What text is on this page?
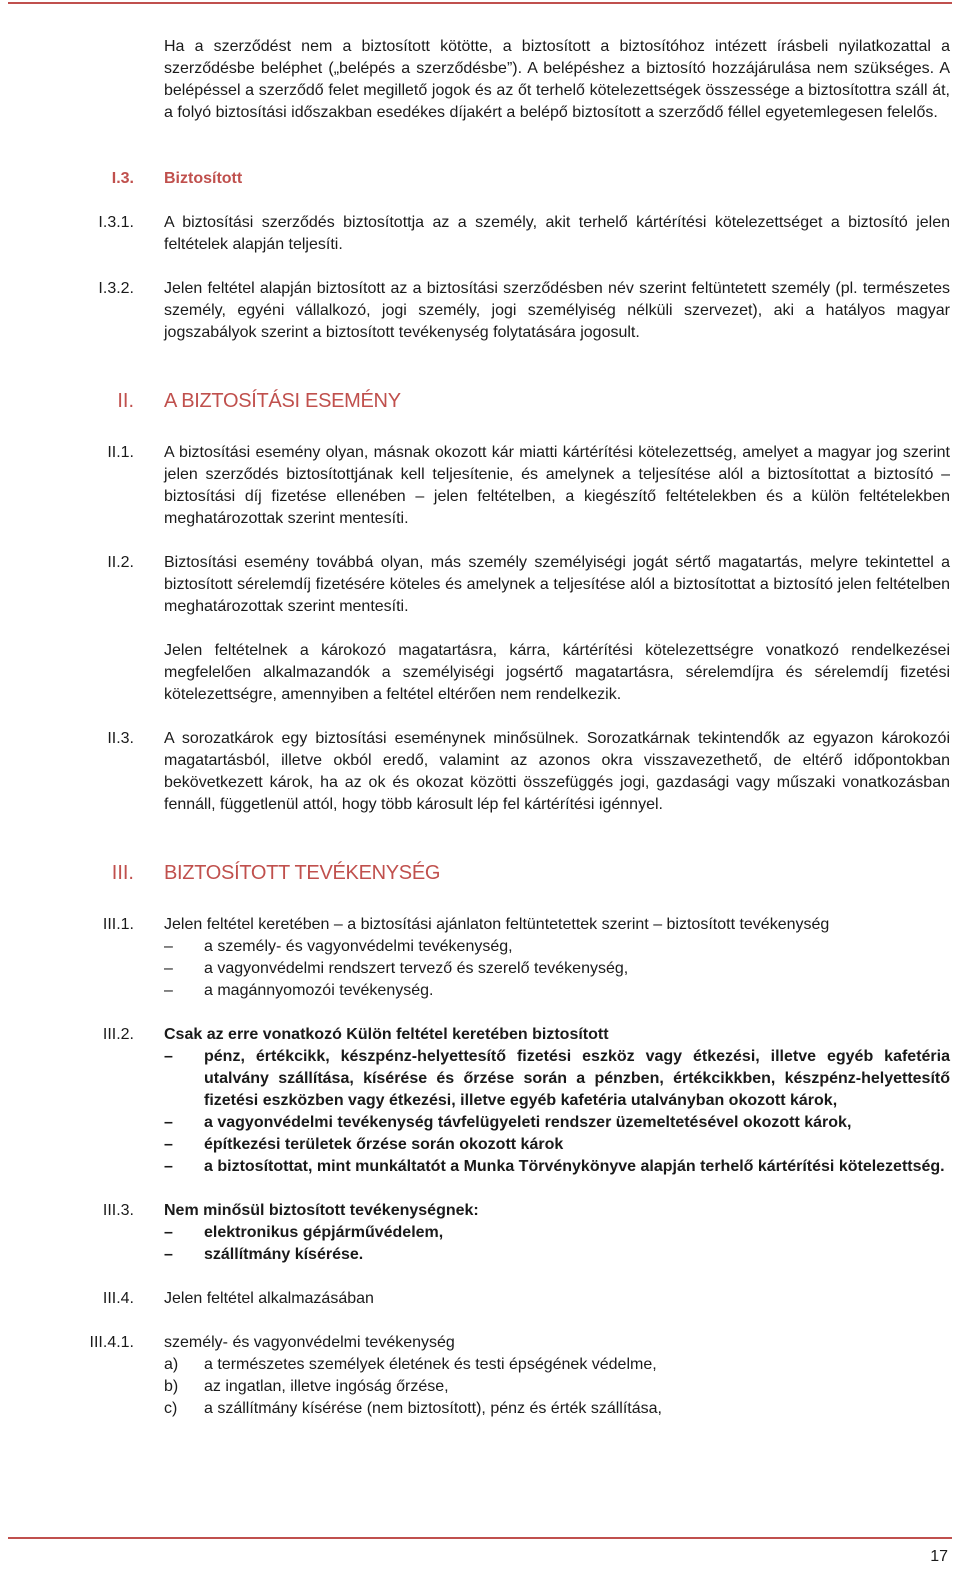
Ha a szerződést nem a biztosított kötötte, a biztosított a biztosítóhoz intézett írásbeli nyilatkozattal a szerződésbe beléphet („belépés a szerződésbe”). A belépéshez a biztosító hozzájárulása nem szükséges. A belépéssel a szerződő felet megillető jogok és az őt terhelő kötelezettségek összessége a biztosítottra száll át, a folyó biztosítási időszakban esedékes díjakért a belépő biztosított a szerződő féllel egyetemlegesen felelős.
I.3. Biztosított
I.3.1. A biztosítási szerződés biztosítottja az a személy, akit terhelő kártérítési kötelezettséget a biztosító jelen feltételek alapján teljesíti.
I.3.2. Jelen feltétel alapján biztosított az a biztosítási szerződésben név szerint feltüntetett személy (pl. természetes személy, egyéni vállalkozó, jogi személy, jogi személyiség nélküli szervezet), aki a hatályos magyar jogszabályok szerint a biztosított tevékenység folytatására jogosult.
II. A BIZTOSÍTÁSI ESEMÉNY
II.1. A biztosítási esemény olyan, másnak okozott kár miatti kártérítési kötelezettség, amelyet a magyar jog szerint jelen szerződés biztosítottjának kell teljesítenie, és amelynek a teljesítése alól a biztosítottat a biztosító – biztosítási díj fizetése ellenében – jelen feltételben, a kiegészítő feltételekben és a külön feltételekben meghatározottak szerint mentesíti.
II.2. Biztosítási esemény továbbá olyan, más személy személyiségi jogát sértő magatartás, melyre tekintettel a biztosított sérelemdíj fizetésére köteles és amelynek a teljesítése alól a biztosítottat a biztosító jelen feltételben meghatározottak szerint mentesíti.
Jelen feltételnek a károkozó magatartásra, kárra, kártérítési kötelezettségre vonatkozó rendelkezései megfelelően alkalmazandók a személyiségi jogsértő magatartásra, sérelemdíjra és sérelemdíj fizetési kötelezettségre, amennyiben a feltétel eltérően nem rendelkezik.
II.3. A sorozatkárok egy biztosítási eseménynek minősülnek. Sorozatkárnak tekintendők az egyazon károkozói magatartásból, illetve okból eredő, valamint az azonos okra visszavezethető, de eltérő időpontokban bekövetkezett károk, ha az ok és okozat közötti összefüggés jogi, gazdasági vagy műszaki vonatkozásban fennáll, függetlenül attól, hogy több károsult lép fel kártérítési igénnyel.
III. BIZTOSÍTOTT TEVÉKENYSÉG
III.1. Jelen feltétel keretében – a biztosítási ajánlaton feltüntetettek szerint – biztosított tevékenység
– a személy- és vagyonvédelmi tevékenység,
– a vagyonvédelmi rendszert tervező és szerelő tevékenység,
– a magánnyomozói tevékenység.
III.2. Csak az erre vonatkozó Külön feltétel keretében biztosított
– pénz, értékcikk, készpénz-helyettesítő fizetési eszköz vagy étkezési, illetve egyéb kafetéria utalvány szállítása, kísérése és őrzése során a pénzben, értékcikkben, készpénz-helyettesítő fizetési eszközben vagy étkezési, illetve egyéb kafetéria utalványban okozott károk,
– a vagyonvédelmi tevékenység távfelügyeleti rendszer üzemeltetésével okozott károk,
– építkezési területek őrzése során okozott károk
– a biztosítottat, mint munkáltatót a Munka Törvénykönyve alapján terhelő kártérítési kötelezettség.
III.3. Nem minősül biztosított tevékenységnek:
– elektronikus gépjárművédelem,
– szállítmány kísérése.
III.4. Jelen feltétel alkalmazásában
III.4.1. személy- és vagyonvédelmi tevékenység
a) a természetes személyek életének és testi épségének védelme,
b) az ingatlan, illetve ingóság őrzése,
c) a szállítmány kísérése (nem biztosított), pénz és érték szállítása,
17
